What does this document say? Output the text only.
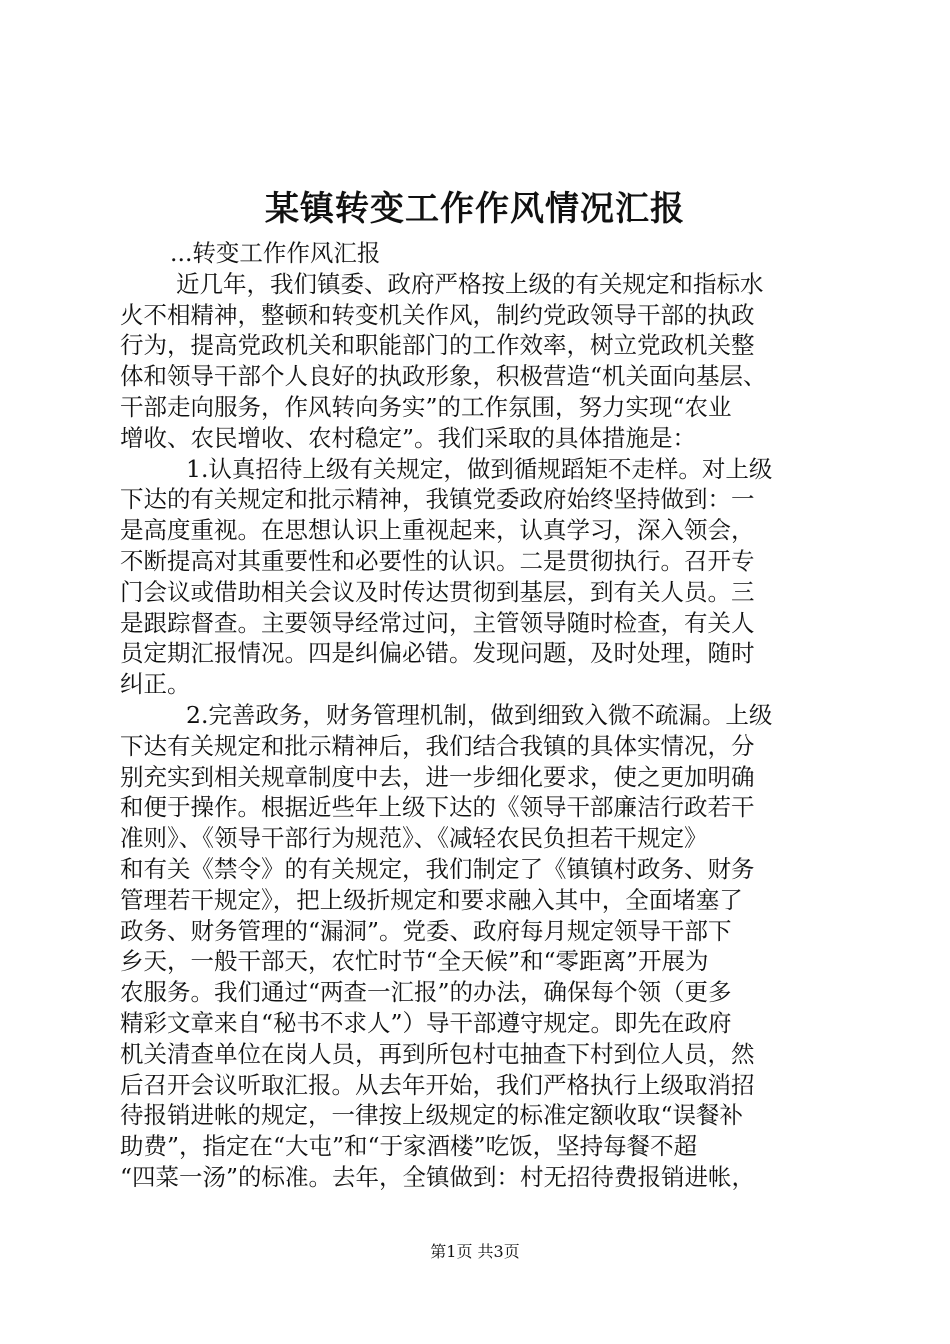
某镇转变工作作风情况汇报
...转变工作作风汇报
近几年，我们镇委、政府严格按上级的有关规定和指标水
火不相精神，整顿和转变机关作风，制约党政领导干部的执政
行为，提高党政机关和职能部门的工作效率，树立党政机关整
体和领导干部个人良好的执政形象，积极营造“机关面向基层、
干部走向服务，作风转向务实”的工作氛围，努力实现“农业
增收、农民增收、农村稳定”。我们采取的具体措施是：
1.认真招待上级有关规定，做到循规蹈矩不走样。对上级
下达的有关规定和批示精神，我镇党委政府始终坚持做到：一
是高度重视。在思想认识上重视起来，认真学习，深入领会，
不断提高对其重要性和必要性的认识。二是贯彻执行。召开专
门会议或借助相关会议及时传达贯彻到基层，到有关人员。三
是跟踪督查。主要领导经常过问，主管领导随时检查，有关人
员定期汇报情况。四是纠偏必错。发现问题，及时处理，随时
纠正。
2.完善政务，财务管理机制，做到细致入微不疏漏。上级
下达有关规定和批示精神后，我们结合我镇的具体实情况，分
别充实到相关规章制度中去，进一步细化要求，使之更加明确
和便于操作。根据近些年上级下达的《领导干部廉洁行政若干
准则》、《领导干部行为规范》、《减轻农民负担若干规定》
和有关《禁令》的有关规定，我们制定了《镇镇村政务、财务
管理若干规定》，把上级折规定和要求融入其中，全面堵塞了
政务、财务管理的“漏洞”。党委、政府每月规定领导干部下
乡天，一般干部天，农忙时节“全天候”和“零距离”开展为
农服务。我们通过“两查一汇报”的办法，确保每个领（更多
精彩文章来自“秘书不求人”）导干部遵守规定。即先在政府
机关清查单位在岗人员，再到所包村屯抽查下村到位人员，然
后召开会议听取汇报。从去年开始，我们严格执行上级取消招
待报销进帐的规定，一律按上级规定的标准定额收取“误餐补
助费”，指定在“大屯”和“于家酒楼”吃饭，坚持每餐不超
“四菜一汤”的标准。去年，全镇做到：村无招待费报销进帐，
第1页 共3页
